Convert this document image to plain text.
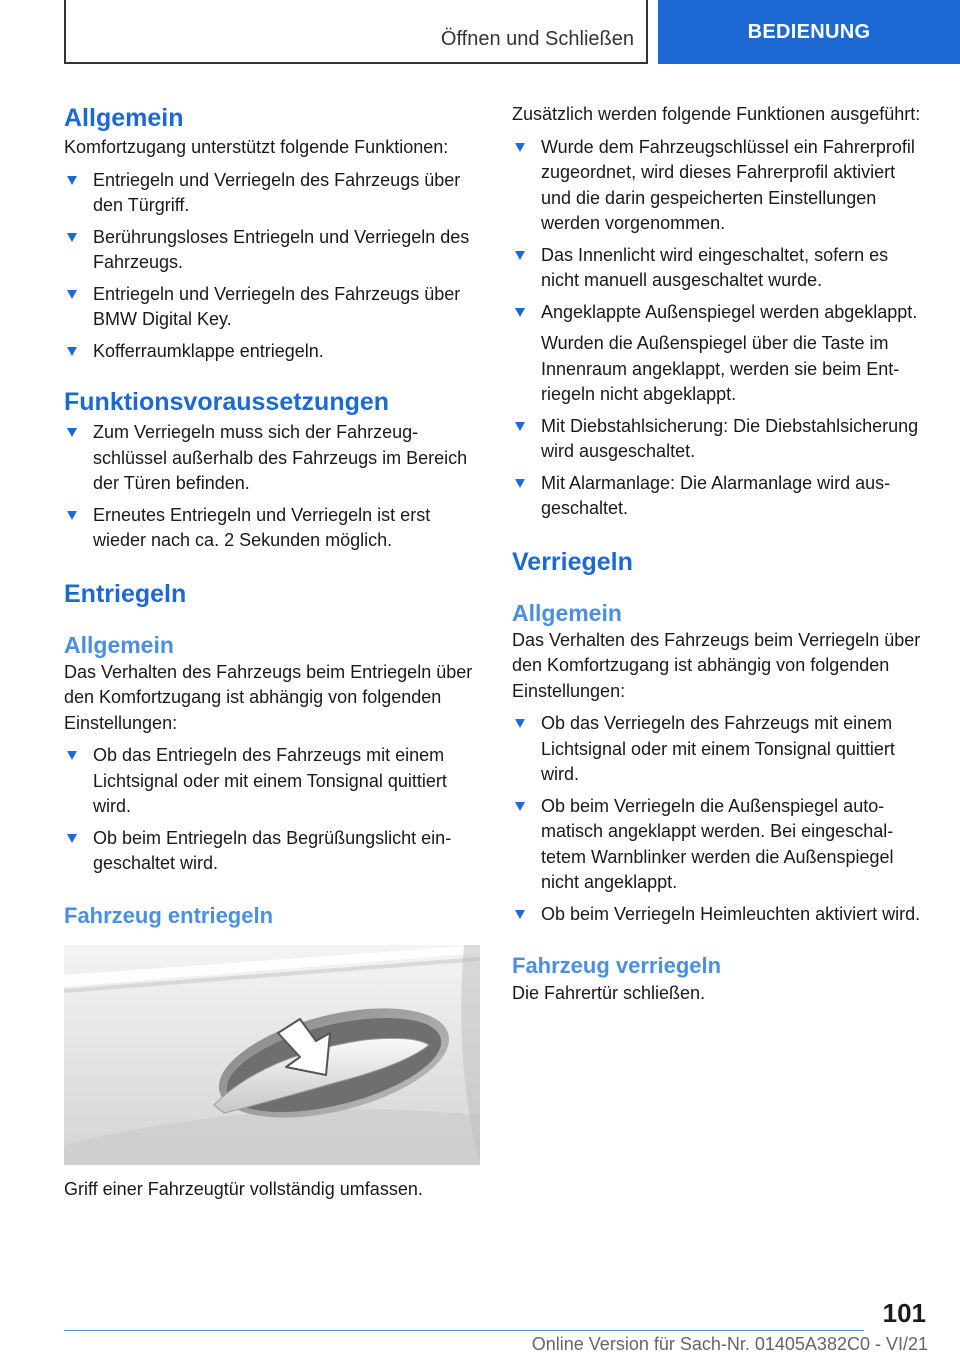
Öffnen und Schließen	BEDIENUNG
Allgemein

Komfortzugang unterstützt folgende Funktionen:

Entriegeln und Verriegeln des Fahrzeugs über den Türgriff.
Berührungsloses Entriegeln und Verriegeln des Fahrzeugs.
Entriegeln und Verriegeln des Fahrzeugs über BMW Digital Key.
Kofferraumklappe entriegeln.
Funktionsvoraussetzungen
Zum Verriegeln muss sich der Fahrzeugschlüssel außerhalb des Fahrzeugs im Bereich der Türen befinden.
Erneutes Entriegeln und Verriegeln ist erst wieder nach ca. 2 Sekunden möglich.
Entriegeln
Allgemein

Das Verhalten des Fahrzeugs beim Entriegeln über den Komfortzugang ist abhängig von folgenden Einstellungen:

Ob das Entriegeln des Fahrzeugs mit einem Lichtsignal oder mit einem Tonsignal quittiert wird.
Ob beim Entriegeln das Begrüßungslicht eingeschaltet wird.
Fahrzeug entriegeln

Griff einer Fahrzeugtür vollständig umfassen.

Zusätzlich werden folgende Funktionen ausgeführt:

Wurde dem Fahrzeugschlüssel ein Fahrerprofil zugeordnet, wird dieses Fahrerprofil aktiviert und die darin gespeicherten Einstellungen werden vorgenommen.
Das Innenlicht wird eingeschaltet, sofern es nicht manuell ausgeschaltet wurde.
Angeklappte Außenspiegel werden abgeklappt.
Wurden die Außenspiegel über die Taste im Innenraum angeklappt, werden sie beim Entriegeln nicht abgeklappt.
Mit Diebstahlsicherung: Die Diebstahlsicherung wird ausgeschaltet.
Mit Alarmanlage: Die Alarmanlage wird ausgeschaltet.
Verriegeln
Allgemein

Das Verhalten des Fahrzeugs beim Verriegeln über den Komfortzugang ist abhängig von folgenden Einstellungen:

Ob das Verriegeln des Fahrzeugs mit einem Lichtsignal oder mit einem Tonsignal quittiert wird.
Ob beim Verriegeln die Außenspiegel automatisch angeklappt werden. Bei eingeschaltetem Warnblinker werden die Außenspiegel nicht angeklappt.
Ob beim Verriegeln Heimleuchten aktiviert wird.
Fahrzeug verriegeln

Die Fahrertür schließen.

101
Online Version für Sach-Nr. 01405A382C0 - VI/21
